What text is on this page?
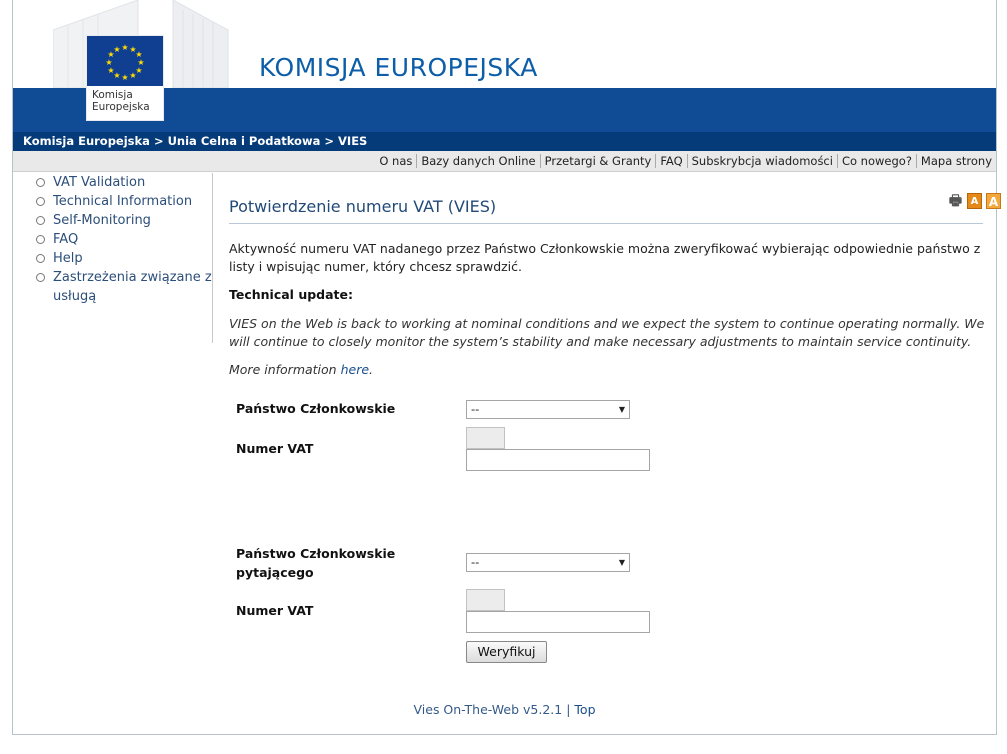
★ ★
★
★
★
★
★
★
★
★
★
★
Komisja Europejska
KOMISJA EUROPEJSKA
Komisja Europejska > Unia Celna i Podatkowa > VIES
O nas Bazy danych Online Przetargi & Granty FAQ Subskrybcja wiadomości Co nowego? Mapa strony
VAT Validation
Technical Information
Self-Monitoring
FAQ
Help
Zastrzeżenia związane z usługą
Potwierdzenie numeru VAT (VIES)	🖶 A A
Aktywność numeru VAT nadanego przez Państwo Członkowskie można zweryfikować wybierając odpowiednie państwo z listy i wpisując numer, który chcesz sprawdzić.
Technical update:
VIES on the Web is back to working at nominal conditions and we expect the system to continue operating normally. We will continue to closely monitor the system’s stability and make necessary adjustments to maintain service continuity.
More information here.
Państwo Członkowskie	--	▼
Numer VAT
Państwo Członkowskie
pytającego
--	▼
Numer VAT
Weryfikuj
Vies On-The-Web v5.2.1 | Top
